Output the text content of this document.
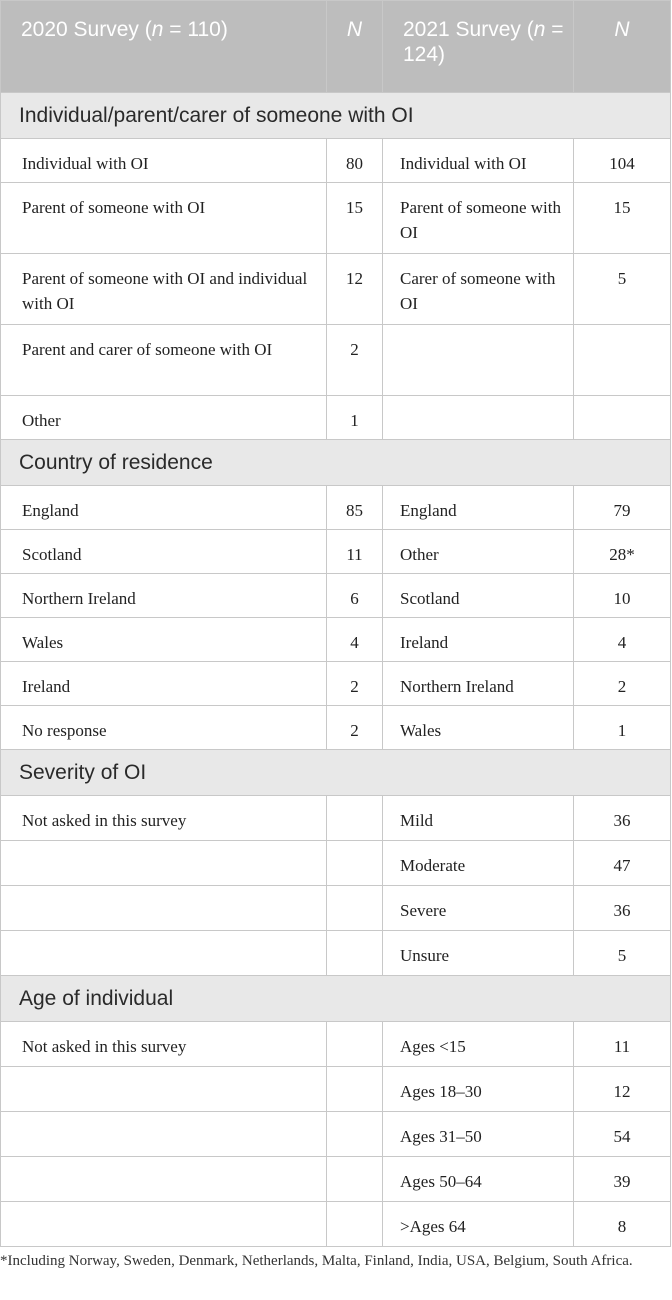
2020 Survey (n = 110)	N	2021 Survey (n = 124)	N
Individual/parent/carer of someone with OI			
Individual with OI	80	Individual with OI	104
Parent of someone with OI	15	Parent of someone with OI	15
Parent of someone with OI and individual with OI	12	Carer of someone with OI	5
Parent and carer of someone with OI	2		
Other	1		
Country of residence			
England	85	England	79
Scotland	11	Other	28*
Northern Ireland	6	Scotland	10
Wales	4	Ireland	4
Ireland	2	Northern Ireland	2
No response	2	Wales	1
Severity of OI			
Not asked in this survey		Mild	36
		Moderate	47
		Severe	36
		Unsure	5
Age of individual			
Not asked in this survey		Ages <15	11
		Ages 18–30	12
		Ages 31–50	54
		Ages 50–64	39
		>Ages 64	8
*Including Norway, Sweden, Denmark, Netherlands, Malta, Finland, India, USA, Belgium, South Africa.
